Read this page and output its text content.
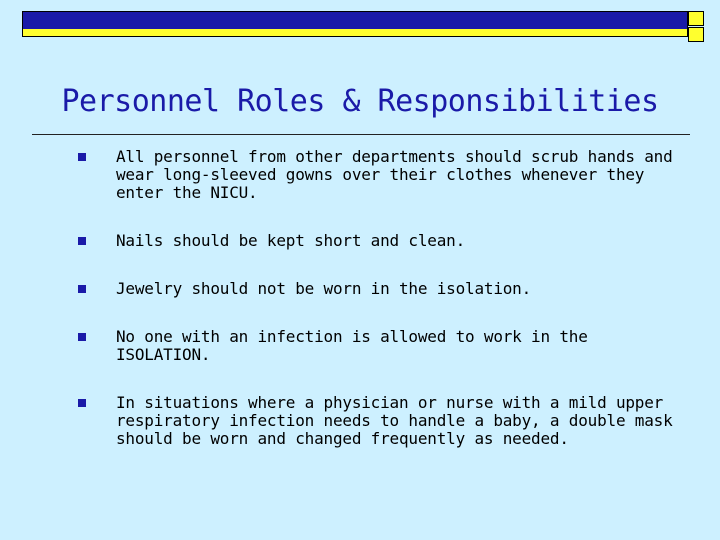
Personnel Roles & Responsibilities
All personnel from other departments should scrub hands and wear long-sleeved gowns over their clothes whenever they enter the NICU.
Nails should be kept short and clean.
Jewelry should not be worn in the isolation.
No one with an infection is allowed to work in the ISOLATION.
In situations where a physician or nurse with a mild upper respiratory infection needs to handle a baby, a double mask should be worn and changed frequently as needed.
